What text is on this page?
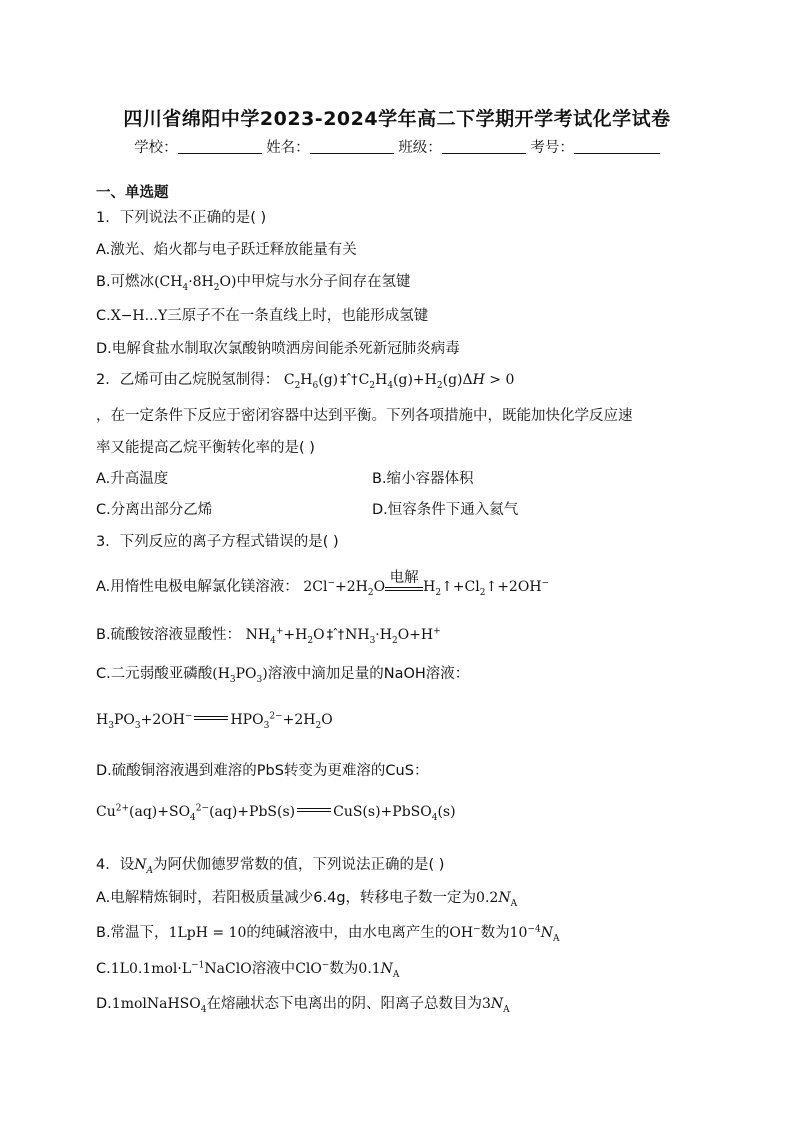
四川省绵阳中学2023-2024学年高二下学期开学考试化学试卷
学校：	姓名：	班级：	考号：
一、单选题
1．下列说法不正确的是( )
A.激光、焰火都与电子跃迁释放能量有关
B.可燃冰$(CH_4\cdot 8H_2O)$中甲烷与水分子间存在氢键
C.X−H...Y三原子不在一条直线上时，也能形成氢键
D.电解食盐水制取次氯酸钠喷洒房间能杀死新冠肺炎病毒
2．乙烯可由乙烷脱氢制得： $C_2H_6(g)$ ‡ˆ† $C_2H_4(g)+H_2(g)\Delta H > 0$
，在一定条件下反应于密闭容器中达到平衡。下列各项措施中，既能加快化学反应速
率又能提高乙烷平衡转化率的是( )
A.升高温度	B.缩小容器体积
C.分离出部分乙烯	D.恒容条件下通入氦气
3．下列反应的离子方程式错误的是( )
A.用惰性电极电解氯化镁溶液： $2Cl^-+2H_2O$
电解
$H_2↑+Cl_2↑+2OH^-$
B.硫酸铵溶液显酸性： $NH_4^++H_2O$ ‡ˆ† $NH_3\cdot H_2O+H^+$
C.二元弱酸亚磷酸$(H_3PO_3)$溶液中滴加足量的NaOH溶液：
$H_3PO_3+2OH^-$	$HPO_3^{2-}+2H_2O$
D.硫酸铜溶液遇到难溶的PbS转变为更难溶的CuS：
$Cu^{2+}(aq)+SO_4^{2-}(aq)+PbS(s)$	CuS(s)+PbSO$_4$(s)
4．设$N_A$为阿伏伽德罗常数的值，下列说法正确的是( )
A.电解精炼铜时，若阳极质量减少6.4g，转移电子数一定为$0.2N_A$
B.常温下，1LpH = 10的纯碱溶液中，由水电离产生的OH−数为$10^{-4}N_A$
$C.1L0.1mol\cdot L^{-1}NaClO$溶液中ClO−数为$0.1N_A$
D.1molNaHSO$_4$在熔融状态下电离出的阴、阳离子总数目为$3N_A$
